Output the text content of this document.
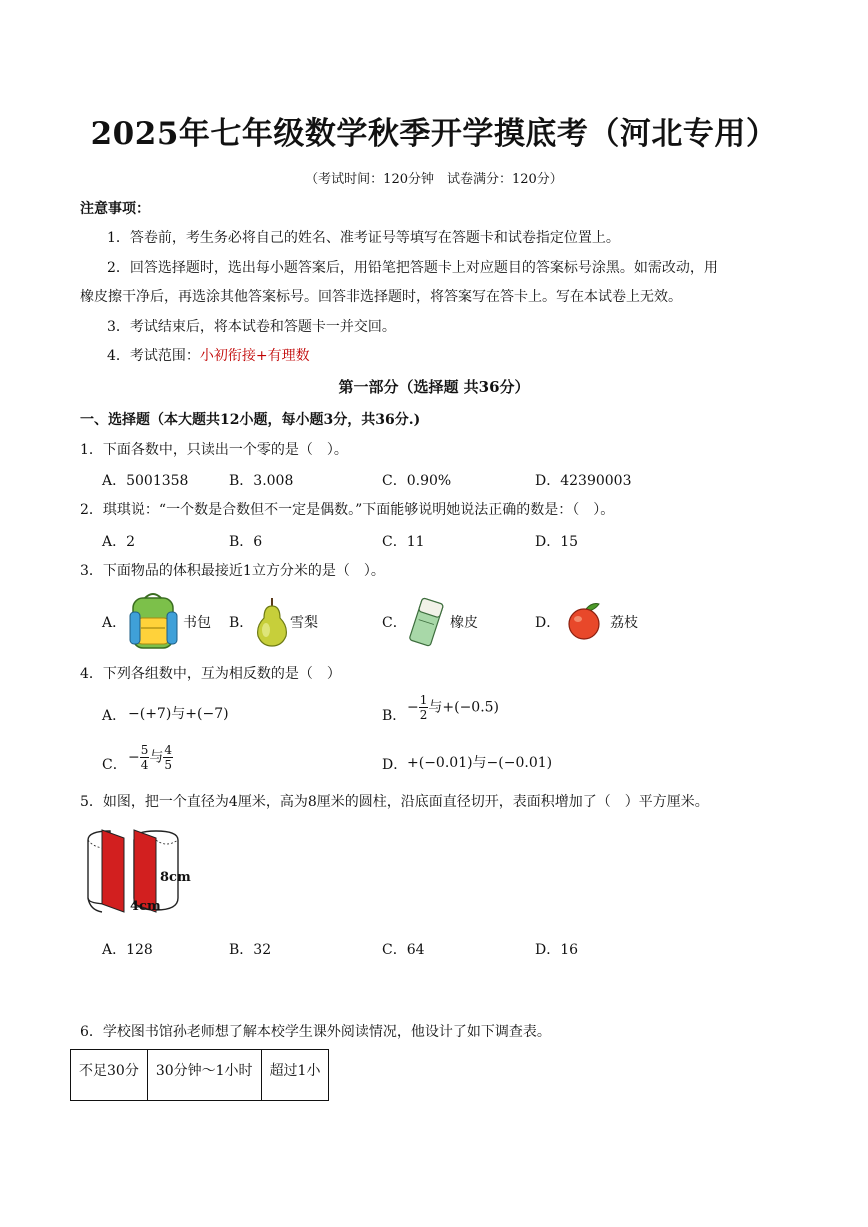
2025年七年级数学秋季开学摸底考（河北专用）
（考试时间：120分钟　试卷满分：120分）
注意事项：
1．答卷前，考生务必将自己的姓名、准考证号等填写在答题卡和试卷指定位置上。
2．回答选择题时，选出每小题答案后，用铅笔把答题卡上对应题目的答案标号涂黑。如需改动，用
橡皮擦干净后，再选涂其他答案标号。回答非选择题时，将答案写在答卡上。写在本试卷上无效。
3．考试结束后，将本试卷和答题卡一并交回。
4．考试范围：小初衔接+有理数
第一部分（选择题 共36分）
一、选择题（本大题共12小题，每小题3分，共36分.)
1．下面各数中，只读出一个零的是（　）。
A．5001358	B．3.008	C．0.90%	D．42390003
2．琪琪说：“一个数是合数但不一定是偶数。”下面能够说明她说法正确的数是：（　）。
A．2	B．6	C．11	D．15
3．下面物品的体积最接近1立方分米的是（　）。
A．	书包 B．	雪梨	C．	橡皮	D．	荔枝
4．下列各组数中，互为相反数的是（　）
A． −(+7)与+(−7)	B．
− $\frac{1}{2}$ 与+(−0.5)
C． − $\frac{5}{4}$ 与 $\frac{4}{5}$	D． +(−0.01)与−(−0.01)
5．如图，把一个直径为4厘米，高为8厘米的圆柱，沿底面直径切开，表面积增加了（　）平方厘米。
8cm
4cm
A．128	B．32	C．64	D．16
6．学校图书馆孙老师想了解本校学生课外阅读情况，他设计了如下调查表。
不足30分	30分钟～1小时	超过1小
